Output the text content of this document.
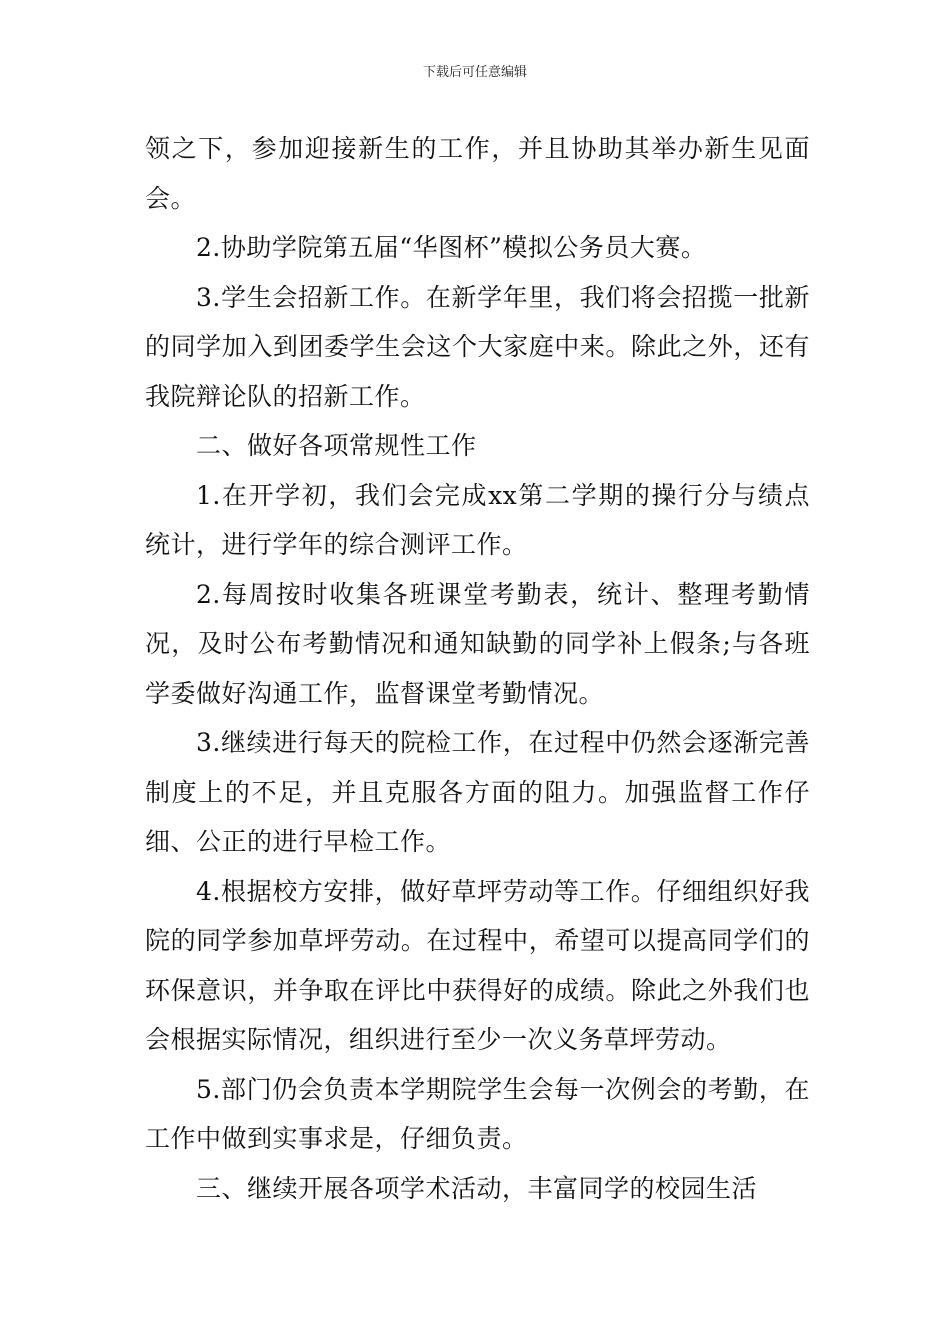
下载后可任意编辑

领之下，参加迎接新生的工作，并且协助其举办新生见面会。

2.协助学院第五届“华图杯”模拟公务员大赛。

3.学生会招新工作。在新学年里，我们将会招揽一批新的同学加入到团委学生会这个大家庭中来。除此之外，还有我院辩论队的招新工作。

二、做好各项常规性工作

1.在开学初，我们会完成xx第二学期的操行分与绩点统计，进行学年的综合测评工作。

2.每周按时收集各班课堂考勤表，统计、整理考勤情况，及时公布考勤情况和通知缺勤的同学补上假条;与各班学委做好沟通工作，监督课堂考勤情况。

3.继续进行每天的院检工作，在过程中仍然会逐渐完善制度上的不足，并且克服各方面的阻力。加强监督工作仔细、公正的进行早检工作。

4.根据校方安排，做好草坪劳动等工作。仔细组织好我院的同学参加草坪劳动。在过程中，希望可以提高同学们的环保意识，并争取在评比中获得好的成绩。除此之外我们也会根据实际情况，组织进行至少一次义务草坪劳动。

5.部门仍会负责本学期院学生会每一次例会的考勤，在工作中做到实事求是，仔细负责。

三、继续开展各项学术活动，丰富同学的校园生活
